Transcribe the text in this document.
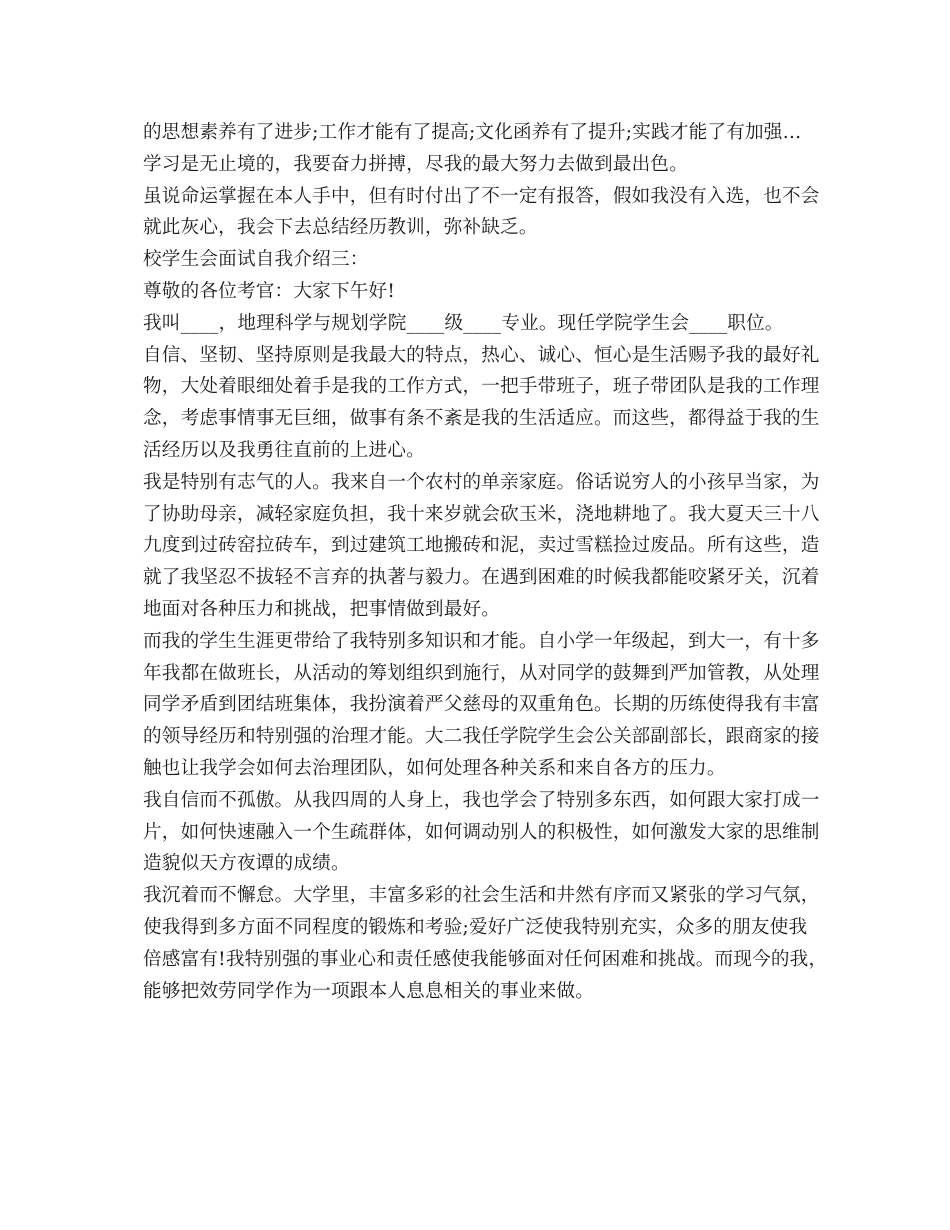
的思想素养有了进步;工作才能有了提高;文化函养有了提升;实践才能了有加强…
学习是无止境的，我要奋力拼搏，尽我的最大努力去做到最出色。
虽说命运掌握在本人手中，但有时付出了不一定有报答，假如我没有入选，也不会
就此灰心，我会下去总结经历教训，弥补缺乏。
校学生会面试自我介绍三：
尊敬的各位考官：大家下午好!
我叫____，地理科学与规划学院____级____专业。现任学院学生会____职位。
自信、坚韧、坚持原则是我最大的特点，热心、诚心、恒心是生活赐予我的最好礼
物，大处着眼细处着手是我的工作方式，一把手带班子，班子带团队是我的工作理
念，考虑事情事无巨细，做事有条不紊是我的生活适应。而这些，都得益于我的生
活经历以及我勇往直前的上进心。
我是特别有志气的人。我来自一个农村的单亲家庭。俗话说穷人的小孩早当家，为
了协助母亲，减轻家庭负担，我十来岁就会砍玉米，浇地耕地了。我大夏天三十八
九度到过砖窑拉砖车，到过建筑工地搬砖和泥，卖过雪糕捡过废品。所有这些，造
就了我坚忍不拔轻不言弃的执著与毅力。在遇到困难的时候我都能咬紧牙关，沉着
地面对各种压力和挑战，把事情做到最好。
而我的学生生涯更带给了我特别多知识和才能。自小学一年级起，到大一，有十多
年我都在做班长，从活动的筹划组织到施行，从对同学的鼓舞到严加管教，从处理
同学矛盾到团结班集体，我扮演着严父慈母的双重角色。长期的历练使得我有丰富
的领导经历和特别强的治理才能。大二我任学院学生会公关部副部长，跟商家的接
触也让我学会如何去治理团队，如何处理各种关系和来自各方的压力。
我自信而不孤傲。从我四周的人身上，我也学会了特别多东西，如何跟大家打成一
片，如何快速融入一个生疏群体，如何调动别人的积极性，如何激发大家的思维制
造貌似天方夜谭的成绩。
我沉着而不懈怠。大学里，丰富多彩的社会生活和井然有序而又紧张的学习气氛，
使我得到多方面不同程度的锻炼和考验;爱好广泛使我特别充实，众多的朋友使我
倍感富有!我特别强的事业心和责任感使我能够面对任何困难和挑战。而现今的我，
能够把效劳同学作为一项跟本人息息相关的事业来做。
